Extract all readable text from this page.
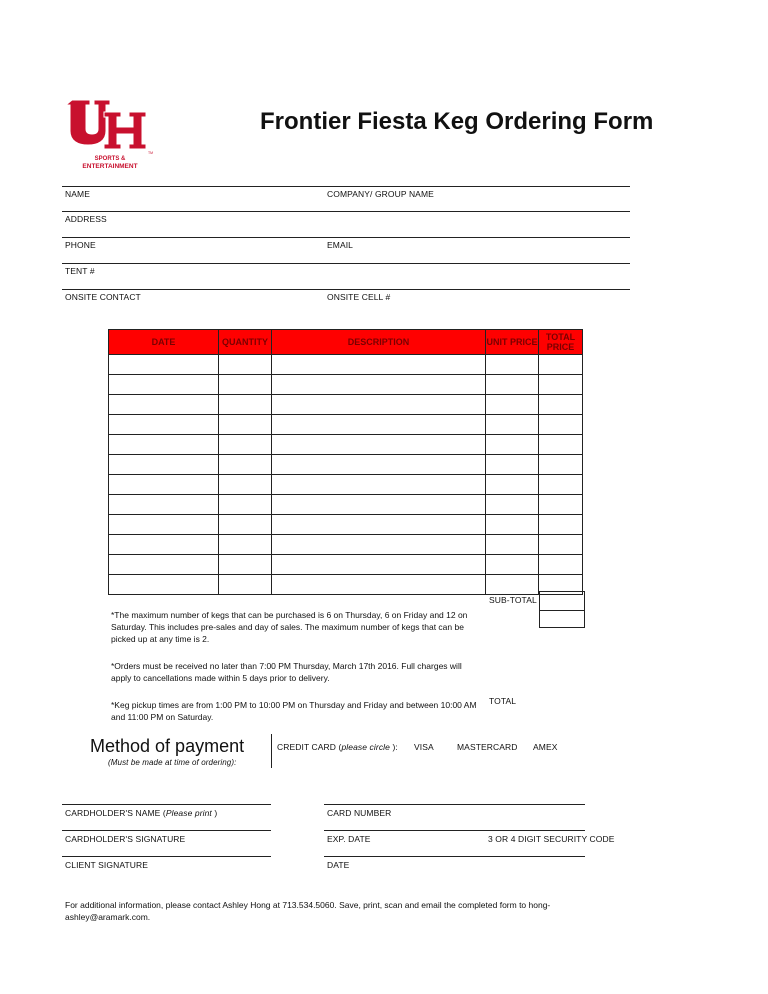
TM
SPORTS &
ENTERTAINMENT
Frontier Fiesta Keg Ordering Form
NAME	COMPANY/ GROUP NAME
ADDRESS
PHONE	EMAIL
TENT #
ONSITE CONTACT	ONSITE CELL #
DATE	QUANTITY	DESCRIPTION	UNIT PRICE	TOTAL PRICE

SUB-TOTAL
*The maximum number of kegs that can be purchased is 6 on Thursday, 6 on Friday and 12 on Saturday. This includes pre-sales and day of sales. The maximum number of kegs that can be picked up at any time is 2.
*Orders must be received no later than 7:00 PM Thursday, March 17th 2016. Full charges will apply to cancellations made within 5 days prior to delivery.
*Keg pickup times are from 1:00 PM to 10:00 PM on Thursday and Friday and between 10:00 AM and 11:00 PM on Saturday.
TOTAL
Method of payment
(Must be made at time of ordering):
CREDIT CARD (please circle ): VISA	MASTERCARD AMEX
CARDHOLDER'S NAME (Please print )	CARD NUMBER
CARDHOLDER'S SIGNATURE	EXP. DATE	3 OR 4 DIGIT SECURITY CODE
CLIENT SIGNATURE	DATE
For additional information, please contact Ashley Hong at 713.534.5060. Save, print, scan and email the completed form to hong-ashley@aramark.com.
